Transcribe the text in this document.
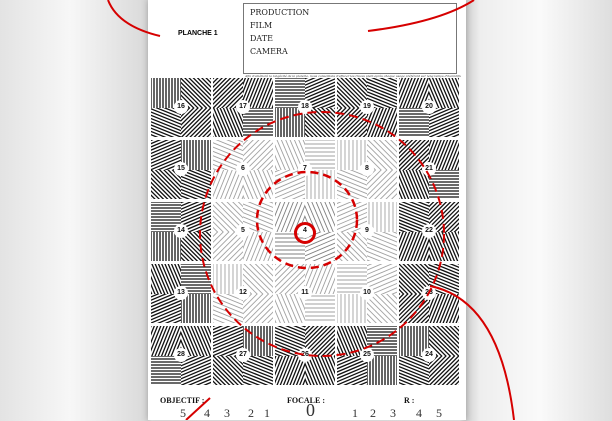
PLANCHE 1
PRODUCTION
FILM
DATE
CAMERA
Afin d'amélioré la longévité de la planche, nous conseillons d'effacer les traces plein après chaque usage préférant sur leng temps d'humidification
16	17	18	19	20
15	6	7	8	21
14	5	4	9	22
13	12	11	10	23
28	27	26	25	24
OBJECTIF :	FOCALE :	R :
5 4 3 2 1 0	1 2 3 4 5
